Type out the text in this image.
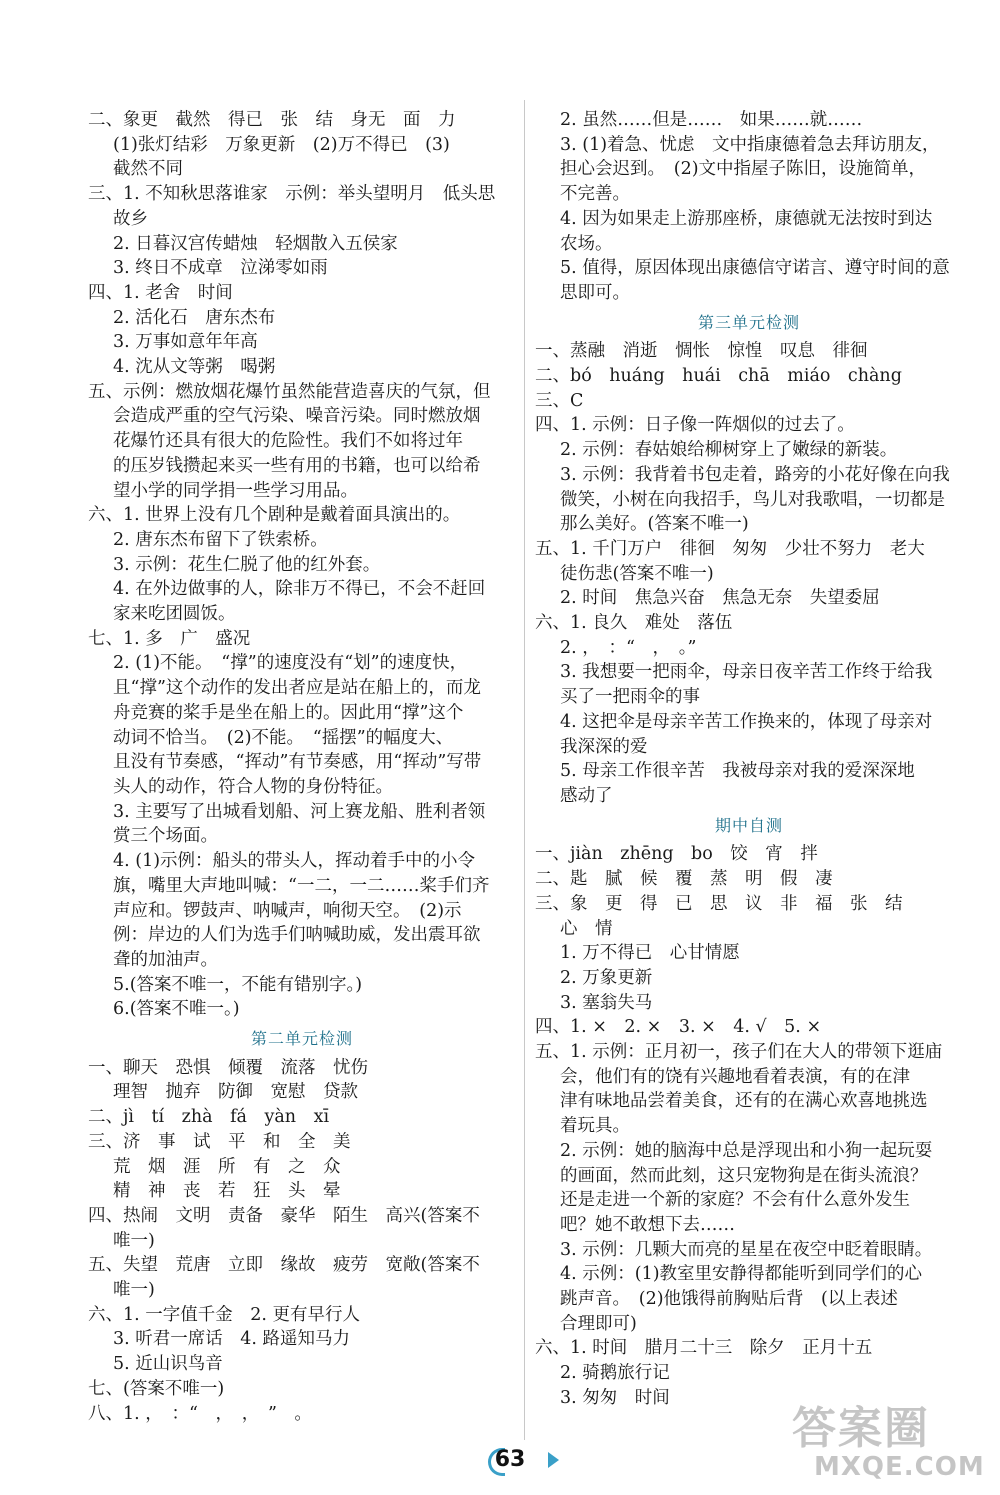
二、象更　截然　得已　张　结　身无　面　力
(1)张灯结彩　万象更新　(2)万不得已　(3)
截然不同
三、1. 不知秋思落谁家　示例：举头望明月　低头思
故乡
2. 日暮汉宫传蜡烛　轻烟散入五侯家
3. 终日不成章　泣涕零如雨
四、1. 老舍　时间
2. 活化石　唐东杰布
3. 万事如意年年高
4. 沈从文等粥　喝粥
五、示例：燃放烟花爆竹虽然能营造喜庆的气氛，但
会造成严重的空气污染、噪音污染。同时燃放烟
花爆竹还具有很大的危险性。我们不如将过年
的压岁钱攒起来买一些有用的书籍，也可以给希
望小学的同学捐一些学习用品。
六、1. 世界上没有几个剧种是戴着面具演出的。
2. 唐东杰布留下了铁索桥。
3. 示例：花生仁脱了他的红外套。
4. 在外边做事的人，除非万不得已，不会不赶回
家来吃团圆饭。
七、1. 多　广　盛况
2. (1)不能。　“撑”的速度没有“划”的速度快，
且“撑”这个动作的发出者应是站在船上的，而龙
舟竞赛的桨手是坐在船上的。因此用“撑”这个
动词不恰当。　(2)不能。　“摇摆”的幅度大、
且没有节奏感，“挥动”有节奏感，用“挥动”写带
头人的动作，符合人物的身份特征。
3. 主要写了出城看划船、河上赛龙船、胜利者领
赏三个场面。
4. (1)示例：船头的带头人，挥动着手中的小令
旗，嘴里大声地叫喊：“一二，一二……桨手们齐
声应和。锣鼓声、呐喊声，响彻天空。　(2)示
例：岸边的人们为选手们呐喊助威，发出震耳欲
聋的加油声。
5.(答案不唯一，不能有错别字。)
6.(答案不唯一。)
第二单元检测
一、聊天　恐惧　倾覆　流落　忧伤
理智　抛弃　防御　宽慰　贷款
二、jì　tí　zhà　fá　yàn　xī
三、济　事　试　平　和　全　美
荒　烟　涯　所　有　之　众
精　神　丧　若　狂　头　晕
四、热闹　文明　责备　豪华　陌生　高兴(答案不
唯一)
五、失望　荒唐　立即　缘故　疲劳　宽敞(答案不
唯一)
六、1. 一字值千金　2. 更有早行人
3. 听君一席话　4. 路遥知马力
5. 近山识鸟音
七、(答案不唯一)
八、1. ，　：“　，　，　”　。
2. 虽然……但是……　如果……就……
3. (1)着急、忧虑　文中指康德着急去拜访朋友，
担心会迟到。　(2)文中指屋子陈旧，设施简单，
不完善。
4. 因为如果走上游那座桥，康德就无法按时到达
农场。
5. 值得，原因体现出康德信守诺言、遵守时间的意
思即可。
第三单元检测
一、蒸融　消逝　惆怅　惊惶　叹息　徘徊
二、bó　huáng　huái　chā　miáo　chàng
三、C
四、1. 示例：日子像一阵烟似的过去了。
2. 示例：春姑娘给柳树穿上了嫩绿的新装。
3. 示例：我背着书包走着，路旁的小花好像在向我
微笑，小树在向我招手，鸟儿对我歌唱，一切都是
那么美好。(答案不唯一)
五、1. 千门万户　徘徊　匆匆　少壮不努力　老大
徒伤悲(答案不唯一)
2. 时间　焦急兴奋　焦急无奈　失望委屈
六、1. 良久　难处　落伍
2. ，　：“　，　。”
3. 我想要一把雨伞，母亲日夜辛苦工作终于给我
买了一把雨伞的事
4. 这把伞是母亲辛苦工作换来的，体现了母亲对
我深深的爱
5. 母亲工作很辛苦　我被母亲对我的爱深深地
感动了
期中自测
一、jiàn　zhēng　bo　饺　宵　拌
二、匙　腻　候　覆　蒸　明　假　凄
三、象　更　得　已　思　议　非　福　张　结
心　情
1. 万不得已　心甘情愿
2. 万象更新
3. 塞翁失马
四、1. ×　2. ×　3. ×　4. √　5. ×
五、1. 示例：正月初一，孩子们在大人的带领下逛庙
会，他们有的饶有兴趣地看着表演，有的在津
津有味地品尝着美食，还有的在满心欢喜地挑选
着玩具。
2. 示例：她的脑海中总是浮现出和小狗一起玩耍
的画面，然而此刻，这只宠物狗是在街头流浪？
还是走进一个新的家庭？不会有什么意外发生
吧？她不敢想下去……
3. 示例：几颗大而亮的星星在夜空中眨着眼睛。
4. 示例：(1)教室里安静得都能听到同学们的心
跳声音。　(2)他饿得前胸贴后背　(以上表述
合理即可)
六、1. 时间　腊月二十三　除夕　正月十五
2. 骑鹅旅行记
3. 匆匆　时间
63
答案圈
MXQE.COM
